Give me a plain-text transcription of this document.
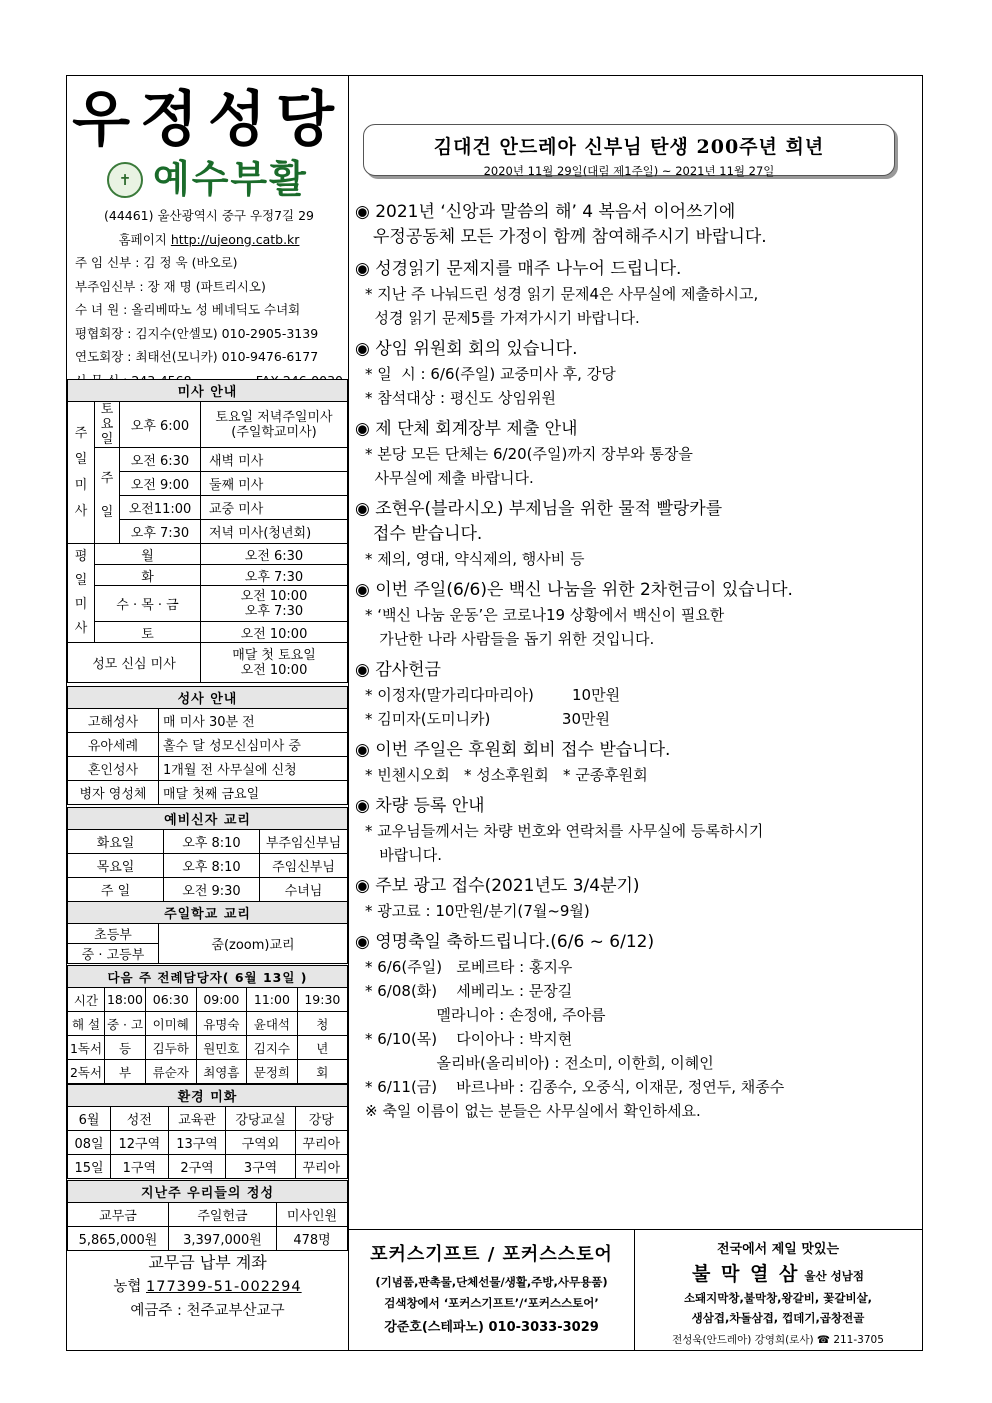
우정성당
✝ 예수부활
(44461) 울산광역시 중구 우정7길 29
홈페이지 http://ujeong.catb.kr
주 임 신부 : 김 정 욱 (바오로)
부주임신부 : 장 재 명 (파트리시오)
수 녀 원 : 올리베따노 성 베네딕도 수녀회
평협회장 : 김지수(안셀모) 010-2905-3139
연도회장 : 최태선(모니카) 010-9476-6177
미사 안내			
주일미사	토요일	오후 6:00	토요일 저녁주일미사
(주일학교미사)

	주일	오전 6:30	새벽 미사
		오전 9:00	둘째 미사
		오전11:00	교중 미사
		오후 7:30	저녁 미사(청년회)
평일미사	월		오전 6:30
	화		오후 7:30
	수 · 목 · 금		오전 10:00
오후 7:30

	토		오전 10:00
성모 신심 미사			매달 첫 토요일
오전 10:00
성사 안내	
고해성사	매 미사 30분 전
유아세례	홀수 달 성모신심미사 중
혼인성사	1개월 전 사무실에 신청
병자 영성체	매달 첫째 금요일
예비신자 교리		
화요일	오후 8:10	부주임신부님
목요일	오후 8:10	주임신부님
주 일	오전 9:30	수녀님
주일학교 교리
초등부	줌(zoom)교리
중 · 고등부
다음 주 전례담당자( 6월 13일 )					
시간	18:00	06:30	09:00	11:00	19:30
해 설	중 · 고	이미혜	유명숙	윤대석	청
1독서	등	김두하	원민호	김지수	년
2독서	부	류순자	최영흠	문정희	회
환경 미화				
6월	성전	교육관	강당교실	강당
08일	12구역	13구역	구역외	꾸리아
15일	1구역	2구역	3구역	꾸리아
지난주 우리들의 정성		
교무금	주일헌금	미사인원
5,865,000원	3,397,000원	478명
교무금 납부 계좌
농협 177399-51-002294
예금주 : 천주교부산교구
김대건 안드레아 신부님 탄생 200주년 희년
2020년 11월 29일(대림 제1주일) ~ 2021년 11월 27일
◉ 2021년 ‘신앙과 말씀의 해’ 4 복음서 이어쓰기에
우정공동체 모든 가정이 함께 참여해주시기 바랍니다.
◉ 성경읽기 문제지를 매주 나누어 드립니다.
* 지난 주 나눠드린 성경 읽기 문제4은 사무실에 제출하시고,
성경 읽기 문제5를 가져가시기 바랍니다.
◉ 상임 위원회 회의 있습니다.
* 일  시 : 6/6(주일) 교중미사 후, 강당
* 참석대상 : 평신도 상임위원
◉ 제 단체 회계장부 제출 안내
* 본당 모든 단체는 6/20(주일)까지 장부와 통장을
사무실에 제출 바랍니다.
◉ 조현우(블라시오) 부제님을 위한 물적 빨랑카를
접수 받습니다.
* 제의, 영대, 약식제의, 행사비 등
◉ 이번 주일(6/6)은 백신 나눔을 위한 2차헌금이 있습니다.
* ‘백신 나눔 운동’은 코로나19 상황에서 백신이 필요한
가난한 나라 사람들을 돕기 위한 것입니다.
◉ 감사헌금
* 이정자(말가리다마리아)        10만원
* 김미자(도미니카)               30만원
◉ 이번 주일은 후원회 회비 접수 받습니다.
* 빈첸시오회   * 성소후원회   * 군종후원회
◉ 차량 등록 안내
* 교우님들께서는 차량 번호와 연락처를 사무실에 등록하시기
바랍니다.
◉ 주보 광고 접수(2021년도 3/4분기)
* 광고료 : 10만원/분기(7월~9월)
◉ 영명축일 축하드립니다.(6/6 ~ 6/12)
* 6/6(주일)   로베르타 : 홍지우
* 6/08(화)    세베리노 : 문장길
멜라니아 : 손정애, 주아름
* 6/10(목)    다이아나 : 박지현
올리바(올리비아) : 전소미, 이한희, 이혜인
* 6/11(금)    바르나바 : 김종수, 오중식, 이재문, 정연두, 채종수
※ 축일 이름이 없는 분들은 사무실에서 확인하세요.
포커스기프트 / 포커스스토어
(기념품,판촉물,단체선물/생활,주방,사무용품)
검색창에서 ‘포커스기프트’/‘포커스스토어’
강준호(스테파노) 010-3033-3029
전국에서 제일 맛있는
불 막 열 삼 울산 성남점
소돼지막창,불막창,왕갈비, 꽃갈비살,
생삼겹,차돌삼겹, 껍데기,곱창전골
전성욱(안드레아) 강영희(로사) ☎ 211-3705
